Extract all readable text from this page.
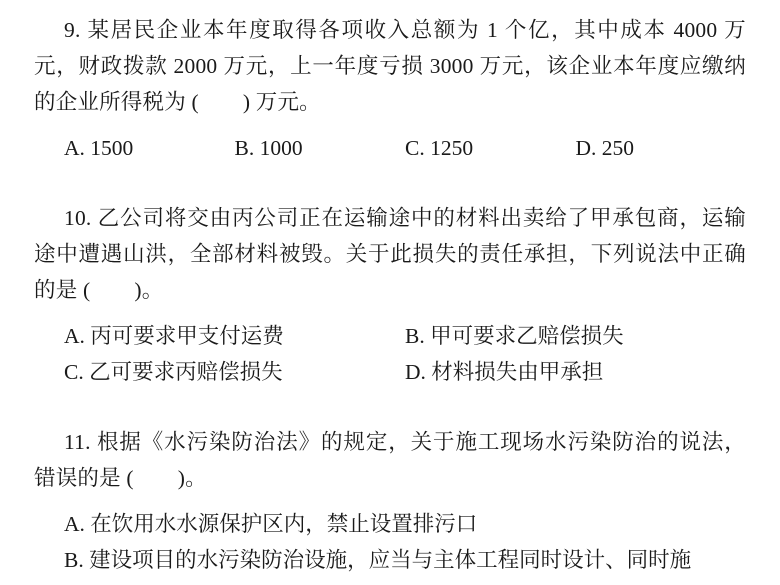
9. 某居民企业本年度取得各项收入总额为 1 个亿，其中成本 4000 万元，财政拨款 2000 万元，上一年度亏损 3000 万元，该企业本年度应缴纳的企业所得税为 ( ) 万元。
A. 1500	B. 1000	C. 1250	D. 250
10. 乙公司将交由丙公司正在运输途中的材料出卖给了甲承包商，运输途中遭遇山洪，全部材料被毁。关于此损失的责任承担，下列说法中正确的是 ( )。
A. 丙可要求甲支付运费	B. 甲可要求乙赔偿损失
C. 乙可要求丙赔偿损失	D. 材料损失由甲承担
11. 根据《水污染防治法》的规定，关于施工现场水污染防治的说法，错误的是 ( )。
A. 在饮用水水源保护区内，禁止设置排污口
B. 建设项目的水污染防治设施，应当与主体工程同时设计、同时施
